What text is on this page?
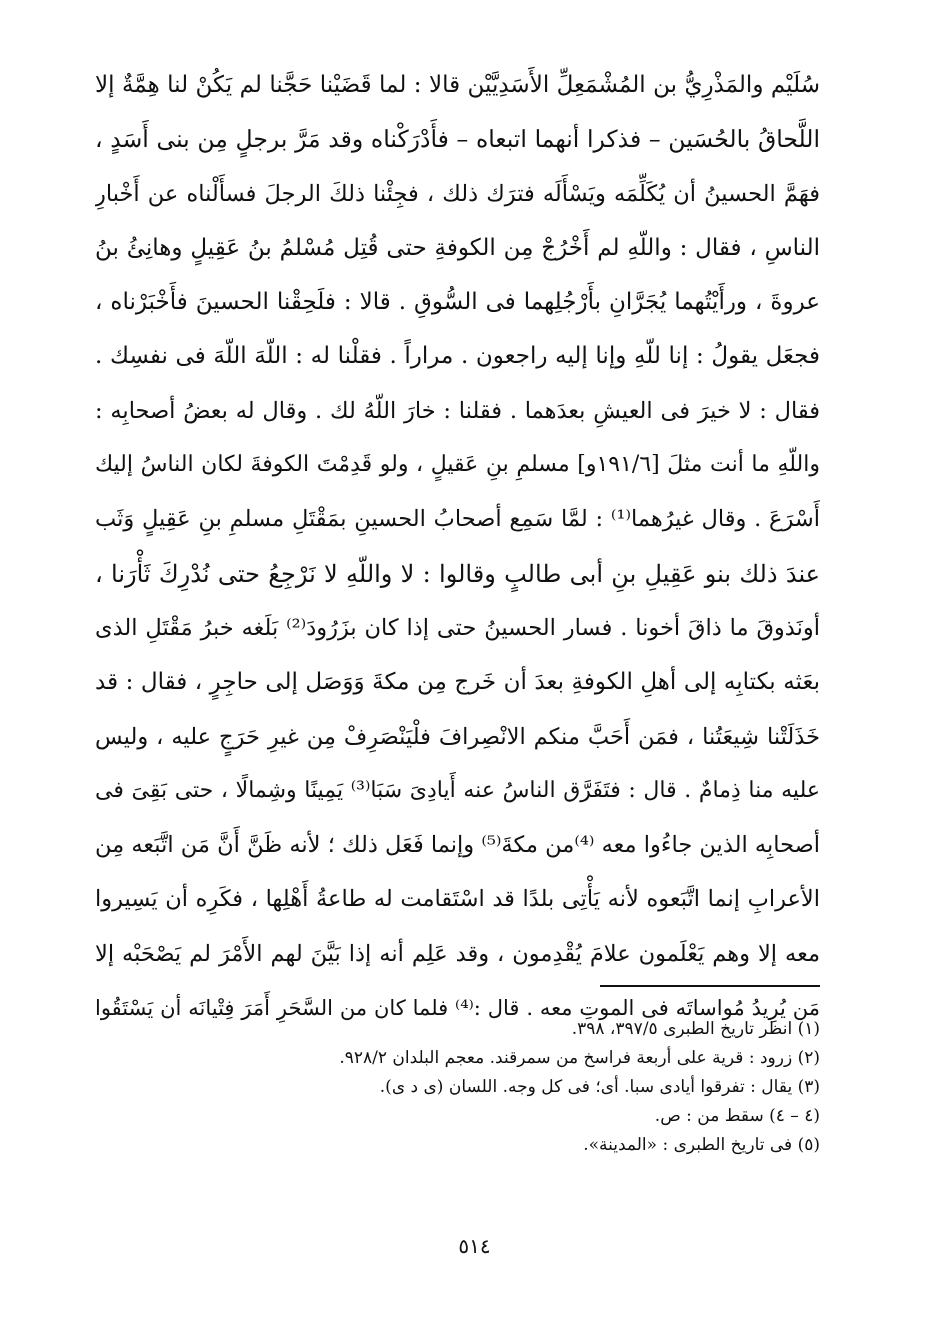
سُلَيْم والمَذْرِيُّ بن المُشْمَعِلِّ الأَسَدِيَّيْن قالا : لما قَضَيْنا حَجَّنا لم يَكُنْ لنا هِمَّةٌ إلا
اللَّحاقُ بالحُسَين – فذكرا أنهما اتبعاه – فأَدْرَكْناه وقد مَرَّ برجلٍ مِن بنى أَسَدٍ ،
فهَمَّ الحسينُ أن يُكَلِّمَه ويَسْأَلَه فترَك ذلك ، فجِئْنا ذلكَ الرجلَ فسأَلْناه عن أَخْبارِ
الناسِ ، فقال : واللّهِ لم أَخْرُجْ مِن الكوفةِ حتى قُتِل مُسْلمُ بنُ عَقِيلٍ وهانِئُ بنُ
عروةَ ، ورأَيْتُهما يُجَرَّانِ بأَرْجُلِهما فى السُّوقِ . قالا : فلَحِقْنا الحسينَ فأَخْبَرْناه ،
فجعَل يقولُ : إنا للّهِ وإنا إليه راجعون . مراراً . فقلْنا له : اللّهَ اللّهَ فى نفسِك .
فقال : لا خيرَ فى العيشِ بعدَهما . فقلنا : خارَ اللّهُ لك . وقال له بعضُ أصحابِه :
واللّهِ ما أنت مثلَ [١٩١/٦و] مسلمِ بنِ عَقيلٍ ، ولو قَدِمْتَ الكوفةَ لكان الناسُ إليك
أَسْرَعَ . وقال غيرُهما⁽¹⁾ : لمَّا سَمِع أصحابُ الحسينِ بمَقْتَلِ مسلمِ بنِ عَقِيلٍ وَثَب
عندَ ذلك بنو عَقِيلِ بنِ أبى طالبٍ وقالوا : لا واللّهِ لا نَرْجِعُ حتى نُدْرِكَ ثَأْرَنا ،
أونَذوقَ ما ذاقَ أخونا . فسار الحسينُ حتى إذا كان بزَرُودَ⁽²⁾ بَلَغه خبرُ مَقْتَلِ الذى
بعَثه بكتابِه إلى أهلِ الكوفةِ بعدَ أن خَرج مِن مكةَ وَوَصَل إلى حاجِرٍ ، فقال : قد
خَذَلَتْنا شِيعَتُنا ، فمَن أَحَبَّ منكم الانْصِرافَ فلْيَنْصَرِفْ مِن غيرِ حَرَجٍ عليه ، وليس
عليه منا ذِمامٌ . قال : فتَفَرَّق الناسُ عنه أَيادِىَ سَبَا⁽³⁾ يَمِينًا وشِمالًا ، حتى بَقِىَ فى
أصحابِه الذين جاءُوا معه ⁽⁴⁾من مكةَ⁽⁵⁾ وإنما فَعَل ذلك ؛ لأنه ظَنَّ أَنَّ مَن اتَّبَعه مِن
الأعرابِ إنما اتَّبَعوه لأنه يَأْتِى بلدًا قد اسْتَقامت له طاعةُ أَهْلِها ، فكَرِه أن يَسِيروا
معه إلا وهم يَعْلَمون علامَ يُقْدِمون ، وقد عَلِم أنه إذا بَيَّنَ لهم الأَمْرَ لم يَصْحَبْه إلا
مَن يُرِيدُ مُواساتَه فى الموتِ معه . قال :⁽⁴⁾ فلما كان من السَّحَرِ أَمَرَ فِتْيانَه أن يَسْتَقُوا
(١) انظر تاريخ الطبرى ٣٩٧/٥، ٣٩٨.
(٢) زرود : قرية على أربعة فراسخ من سمرقند. معجم البلدان ٩٢٨/٢.
(٣) يقال : تفرقوا أيادى سبا. أى؛ فى كل وجه. اللسان (ى د ى).
(٤ – ٤) سقط من : ص.
(٥) فى تاريخ الطبرى : «المدينة».
٥١٤
